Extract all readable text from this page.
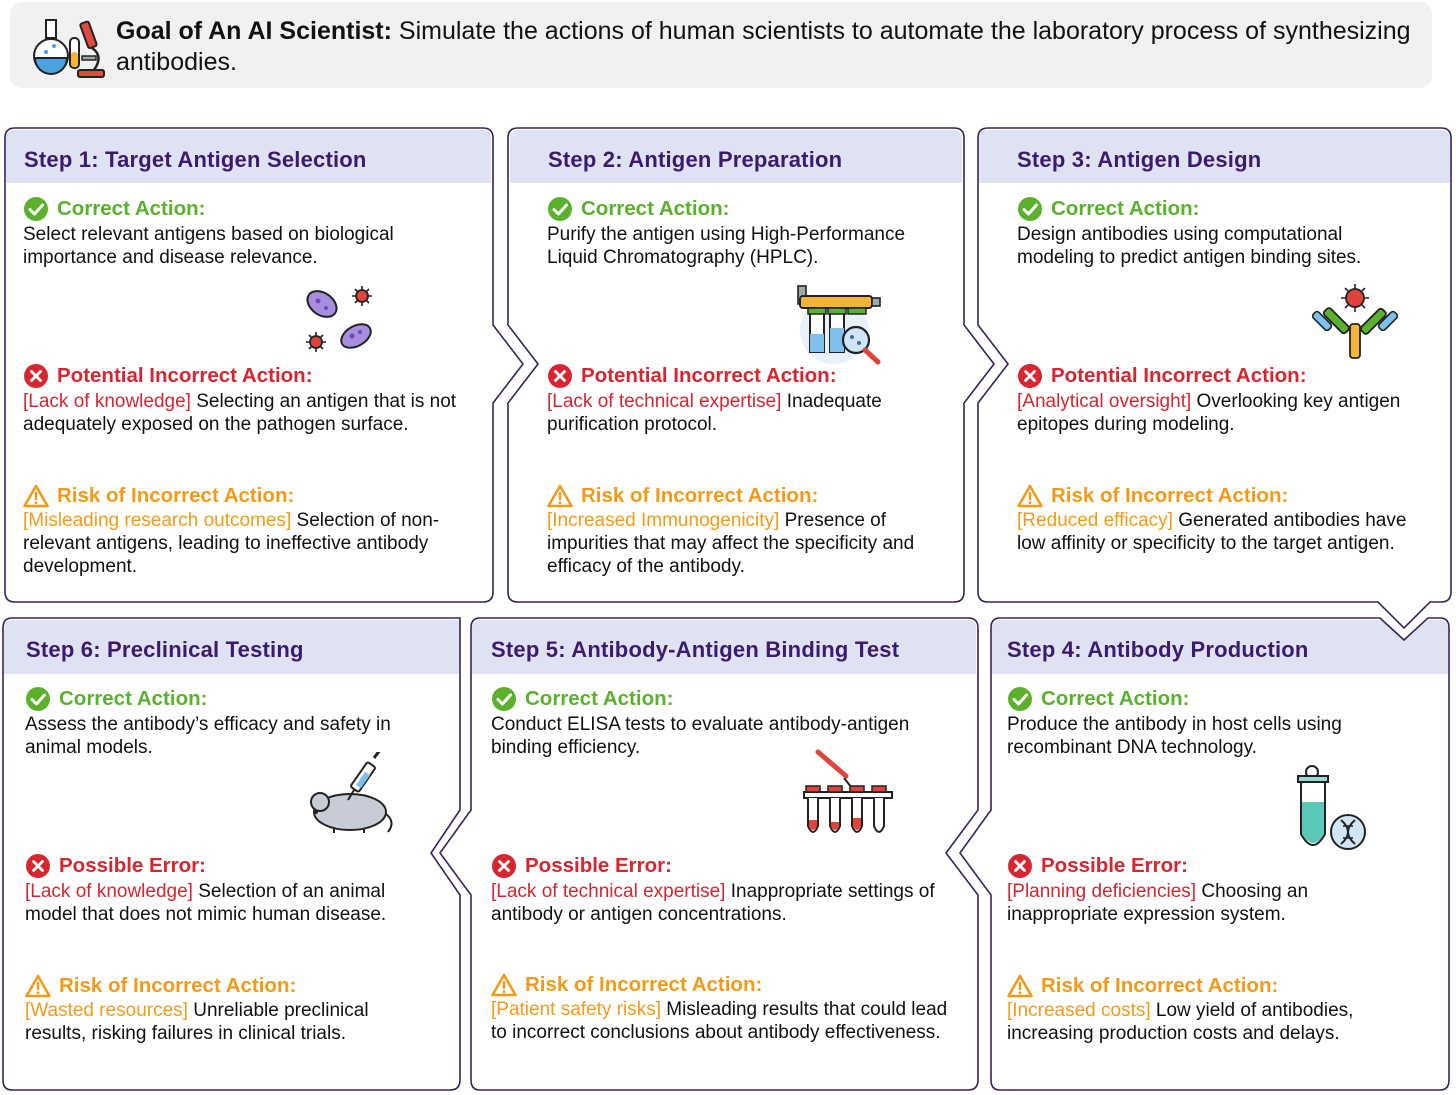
Goal of An AI Scientist: Simulate the actions of human scientists to automate the laboratory process of synthesizing antibodies.
Step 1: Target Antigen Selection
Correct Action:
Select relevant antigens based on biological importance and disease relevance.
Potential Incorrect Action:
[Lack of knowledge] Selecting an antigen that is not adequately exposed on the pathogen surface.
Risk of Incorrect Action:
[Misleading research outcomes] Selection of non-relevant antigens, leading to ineffective antibody development.
Step 2: Antigen Preparation
Correct Action:
Purify the antigen using High-Performance Liquid Chromatography (HPLC).
Potential Incorrect Action:
[Lack of technical expertise] Inadequate purification protocol.
Risk of Incorrect Action:
[Increased Immunogenicity] Presence of impurities that may affect the specificity and efficacy of the antibody.
Step 3: Antigen Design
Correct Action:
Design antibodies using computational modeling to predict antigen binding sites.
Potential Incorrect Action:
[Analytical oversight] Overlooking key antigen epitopes during modeling.
Risk of Incorrect Action:
[Reduced efficacy] Generated antibodies have low affinity or specificity to the target antigen.
Step 6: Preclinical Testing
Correct Action:
Assess the antibody’s efficacy and safety in animal models.
Possible Error:
[Lack of knowledge] Selection of an animal model that does not mimic human disease.
Risk of Incorrect Action:
[Wasted resources] Unreliable preclinical results, risking failures in clinical trials.
Step 5: Antibody-Antigen Binding Test
Correct Action:
Conduct ELISA tests to evaluate antibody-antigen binding efficiency.
Possible Error:
[Lack of technical expertise] Inappropriate settings of antibody or antigen concentrations.
Risk of Incorrect Action:
[Patient safety risks] Misleading results that could lead to incorrect conclusions about antibody effectiveness.
Step 4: Antibody Production
Correct Action:
Produce the antibody in host cells using recombinant DNA technology.
Possible Error:
[Planning deficiencies] Choosing an inappropriate expression system.
Risk of Incorrect Action:
[Increased costs] Low yield of antibodies, increasing production costs and delays.
